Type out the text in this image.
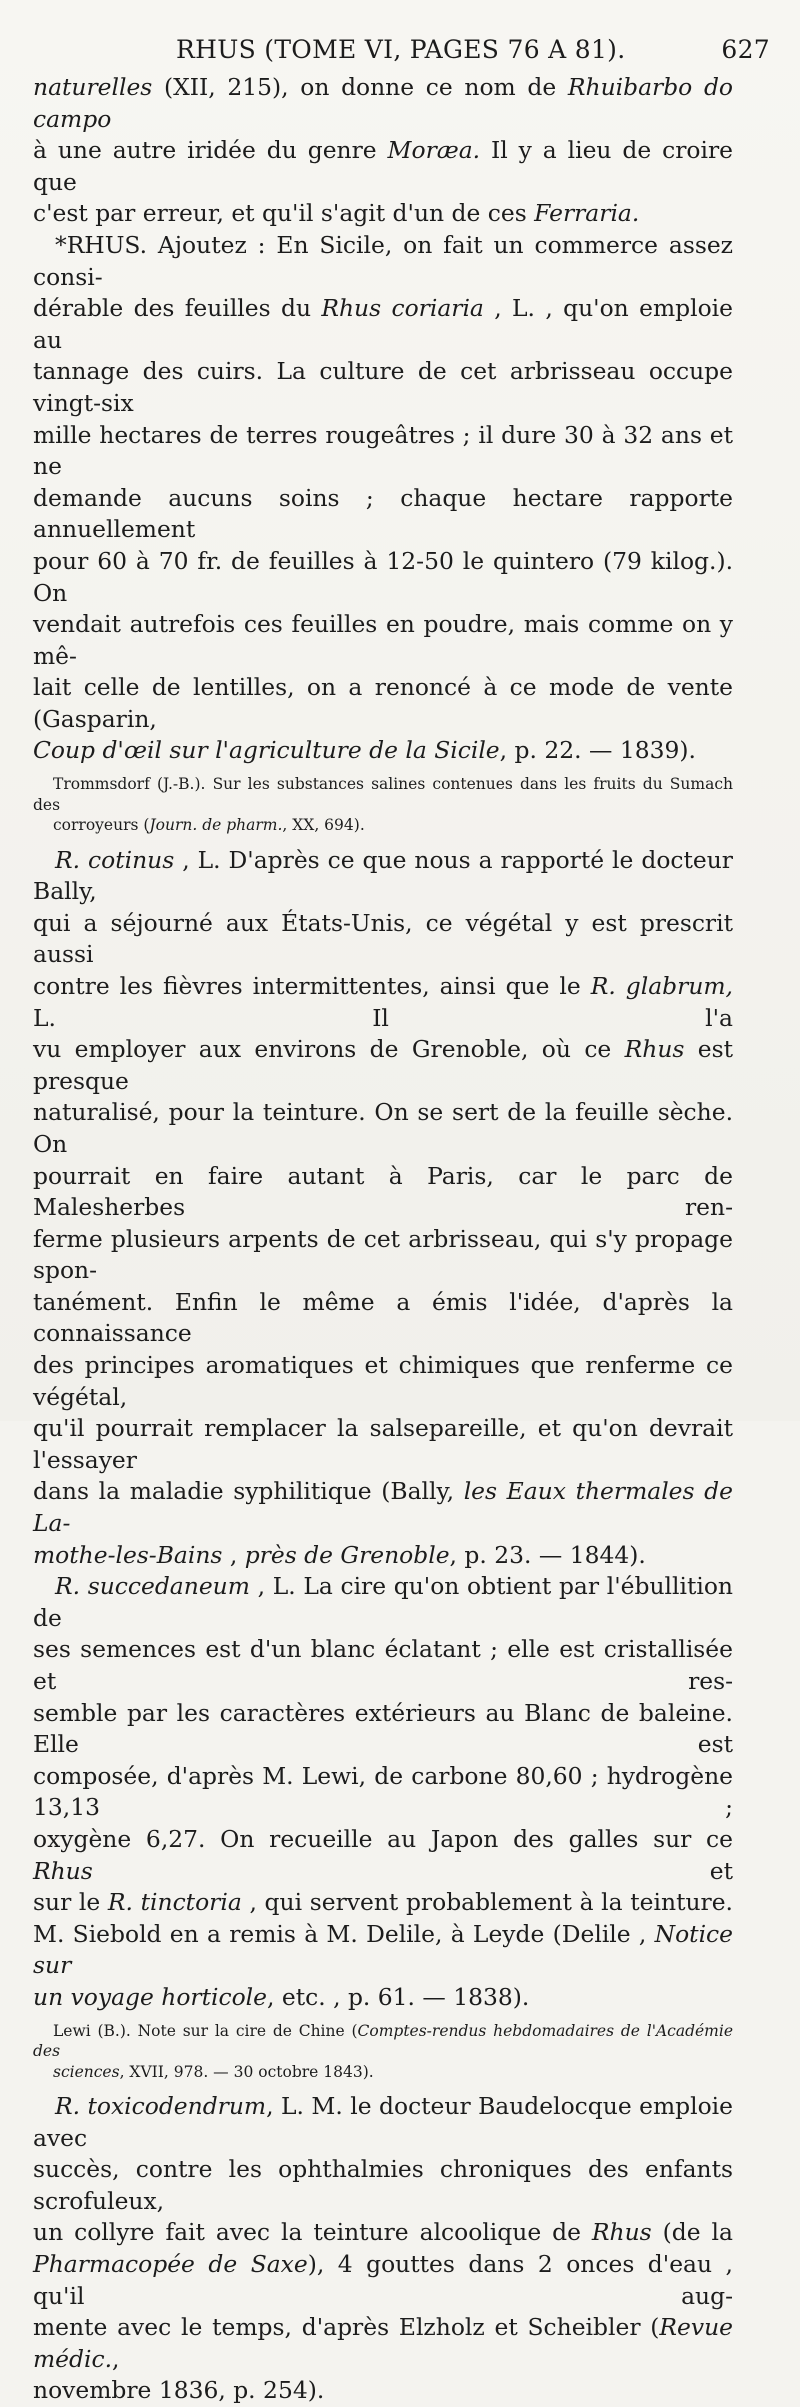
RHUS (TOME VI, PAGES 76 A 81).	627

naturelles (XII, 215), on donne ce nom de Rhuibarbo do campo
à une autre iridée du genre Moræa. Il y a lieu de croire que
c'est par erreur, et qu'il s'agit d'un de ces Ferraria.

*RHUS. Ajoutez : En Sicile, on fait un commerce assez consi-
dérable des feuilles du Rhus coriaria , L. , qu'on emploie au
tannage des cuirs. La culture de cet arbrisseau occupe vingt-six
mille hectares de terres rougeâtres ; il dure 30 à 32 ans et ne
demande aucuns soins ; chaque hectare rapporte annuellement
pour 60 à 70 fr. de feuilles à 12-50 le quintero (79 kilog.). On
vendait autrefois ces feuilles en poudre, mais comme on y mê-
lait celle de lentilles, on a renoncé à ce mode de vente (Gasparin,
Coup d'œil sur l'agriculture de la Sicile, p. 22. — 1839).

Trommsdorf (J.-B.). Sur les substances salines contenues dans les fruits du Sumach des
corroyeurs (Journ. de pharm., XX, 694).

R. cotinus , L. D'après ce que nous a rapporté le docteur Bally,
qui a séjourné aux États-Unis, ce végétal y est prescrit aussi
contre les fièvres intermittentes, ainsi que le R. glabrum, L. Il l'a
vu employer aux environs de Grenoble, où ce Rhus est presque
naturalisé, pour la teinture. On se sert de la feuille sèche. On
pourrait en faire autant à Paris, car le parc de Malesherbes ren-
ferme plusieurs arpents de cet arbrisseau, qui s'y propage spon-
tanément. Enfin le même a émis l'idée, d'après la connaissance
des principes aromatiques et chimiques que renferme ce végétal,
qu'il pourrait remplacer la salsepareille, et qu'on devrait l'essayer
dans la maladie syphilitique (Bally, les Eaux thermales de La-
mothe-les-Bains , près de Grenoble, p. 23. — 1844).

R. succedaneum , L. La cire qu'on obtient par l'ébullition de
ses semences est d'un blanc éclatant ; elle est cristallisée et res-
semble par les caractères extérieurs au Blanc de baleine. Elle est
composée, d'après M. Lewi, de carbone 80,60 ; hydrogène 13,13 ;
oxygène 6,27. On recueille au Japon des galles sur ce Rhus et
sur le R. tinctoria , qui servent probablement à la teinture.
M. Siebold en a remis à M. Delile, à Leyde (Delile , Notice sur
un voyage horticole, etc. , p. 61. — 1838).

Lewi (B.). Note sur la cire de Chine (Comptes-rendus hebdomadaires de l'Académie des
sciences, XVII, 978. — 30 octobre 1843).

R. toxicodendrum, L. M. le docteur Baudelocque emploie avec
succès, contre les ophthalmies chroniques des enfants scrofuleux,
un collyre fait avec la teinture alcoolique de Rhus (de la
Pharmacopée de Saxe), 4 gouttes dans 2 onces d'eau , qu'il aug-
mente avec le temps, d'après Elzholz et Scheibler (Revue médic.,
novembre 1836, p. 254).
